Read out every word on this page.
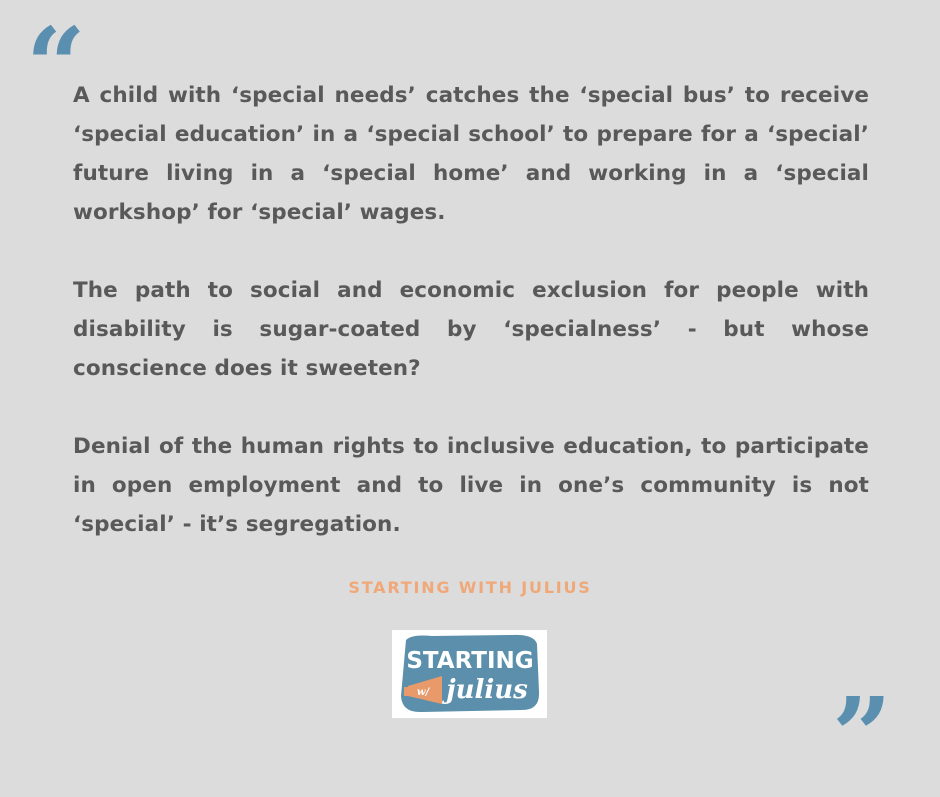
“

A child with ‘special needs’ catches the ‘special bus’ to receive ‘special education’ in a ‘special school’ to prepare for a ‘special’ future living in a ‘special home’ and working in a ‘special workshop’ for ‘special’ wages.

The path to social and economic exclusion for people with disability is sugar-coated by ‘specialness’ - but whose conscience does it sweeten?

Denial of the human rights to inclusive education, to participate in open employment and to live in one’s community is not ‘special’ - it’s segregation.

STARTING WITH JULIUS
STARTING
w/ julius	”
